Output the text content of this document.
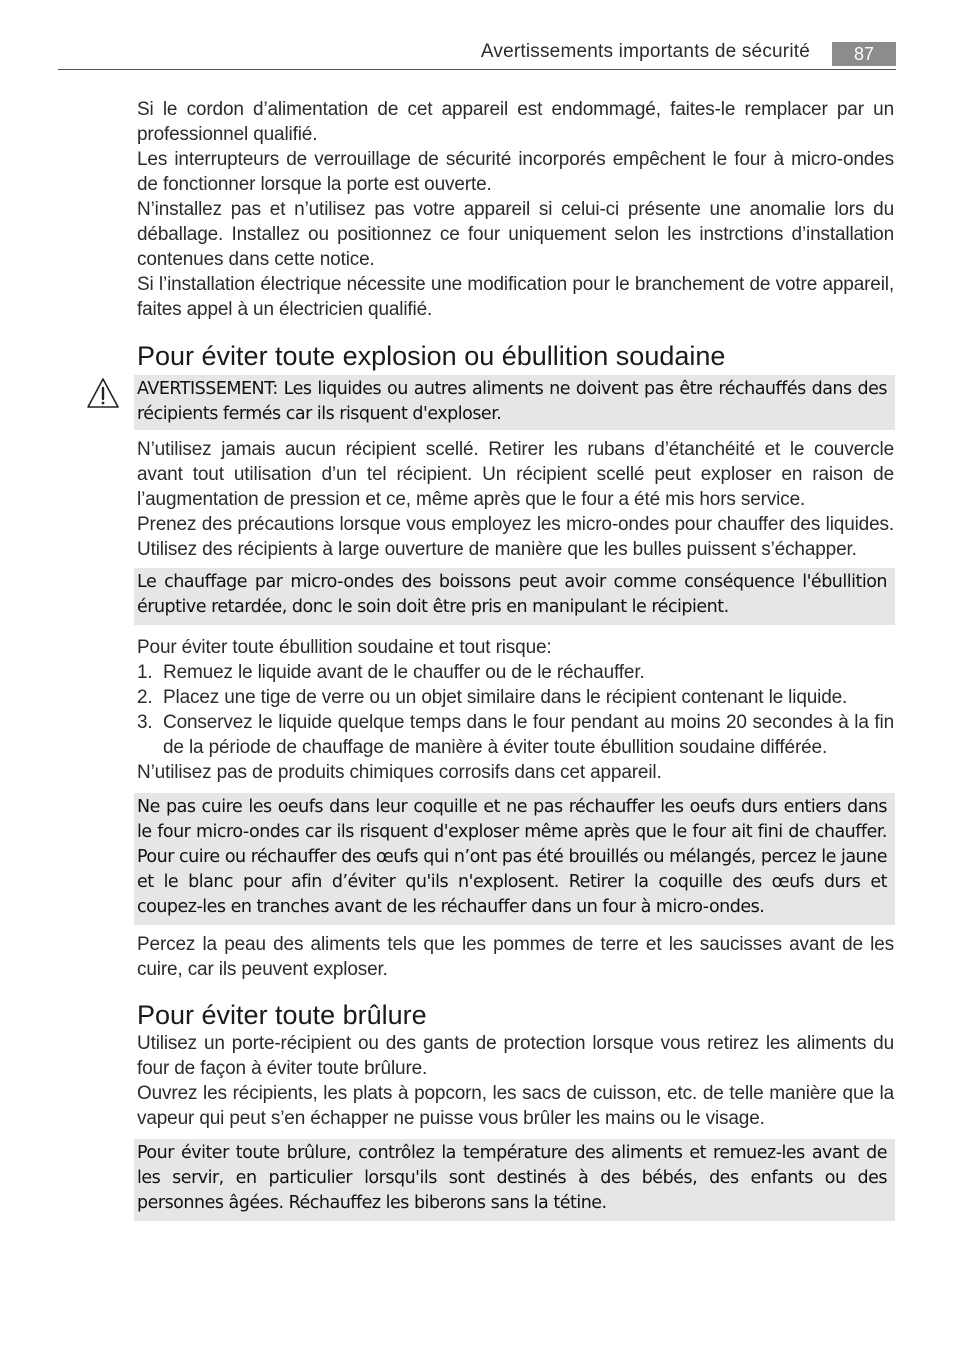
Avertissements importants de sécurité	87

Si le cordon d’alimentation de cet appareil est endommagé, faites-le remplacer par un professionnel qualifié.

Les interrupteurs de verrouillage de sécurité incorporés empêchent le four à micro-ondes de fonctionner lorsque la porte est ouverte.

N’installez pas et n’utilisez pas votre appareil si celui-ci présente une anomalie lors du déballage. Installez ou positionnez ce four uniquement selon les instrctions d’installation contenues dans cette notice.

Si l’installation électrique nécessite une modification pour le branchement de votre appareil, faites appel à un électricien qualifié.

Pour éviter toute explosion ou ébullition soudaine
AVERTISSEMENT: Les liquides ou autres aliments ne doivent pas être réchauffés dans des récipients fermés car ils risquent d'exploser.

N’utilisez jamais aucun récipient scellé. Retirer les rubans d’étanchéité et le couvercle avant tout utilisation d’un tel récipient. Un récipient scellé peut exploser en raison de l’augmentation de pression et ce, même après que le four a été mis hors service.

Prenez des précautions lorsque vous employez les micro-ondes pour chauffer des liquides. Utilisez des récipients à large ouverture de manière que les bulles puissent s’échapper.

Le chauffage par micro-ondes des boissons peut avoir comme conséquence l'ébullition éruptive retardée, donc le soin doit être pris en manipulant le récipient.

Pour éviter toute ébullition soudaine et tout risque:

1. Remuez le liquide avant de le chauffer ou de le réchauffer.
2. Placez une tige de verre ou un objet similaire dans le récipient contenant le liquide.
3. Conservez le liquide quelque temps dans le four pendant au moins 20 secondes à la fin de la période de chauffage de manière à éviter toute ébullition soudaine différée.

N’utilisez pas de produits chimiques corrosifs dans cet appareil.

Ne pas cuire les oeufs dans leur coquille et ne pas réchauffer les oeufs durs entiers dans le four micro-ondes car ils risquent d'exploser même après que le four ait fini de chauffer. Pour cuire ou réchauffer des œufs qui n’ont pas été brouillés ou mélangés, percez le jaune et le blanc pour afin d’éviter qu'ils n'explosent. Retirer la coquille des œufs durs et coupez-les en tranches avant de les réchauffer dans un four à micro-ondes.

Percez la peau des aliments tels que les pommes de terre et les saucisses avant de les cuire, car ils peuvent exploser.

Pour éviter toute brûlure

Utilisez un porte-récipient ou des gants de protection lorsque vous retirez les aliments du four de façon à éviter toute brûlure.

Ouvrez les récipients, les plats à popcorn, les sacs de cuisson, etc. de telle manière que la vapeur qui peut s’en échapper ne puisse vous brûler les mains ou le visage.

Pour éviter toute brûlure, contrôlez la température des aliments et remuez-les avant de les servir, en particulier lorsqu'ils sont destinés à des bébés, des enfants ou des personnes âgées. Réchauffez les biberons sans la tétine.
